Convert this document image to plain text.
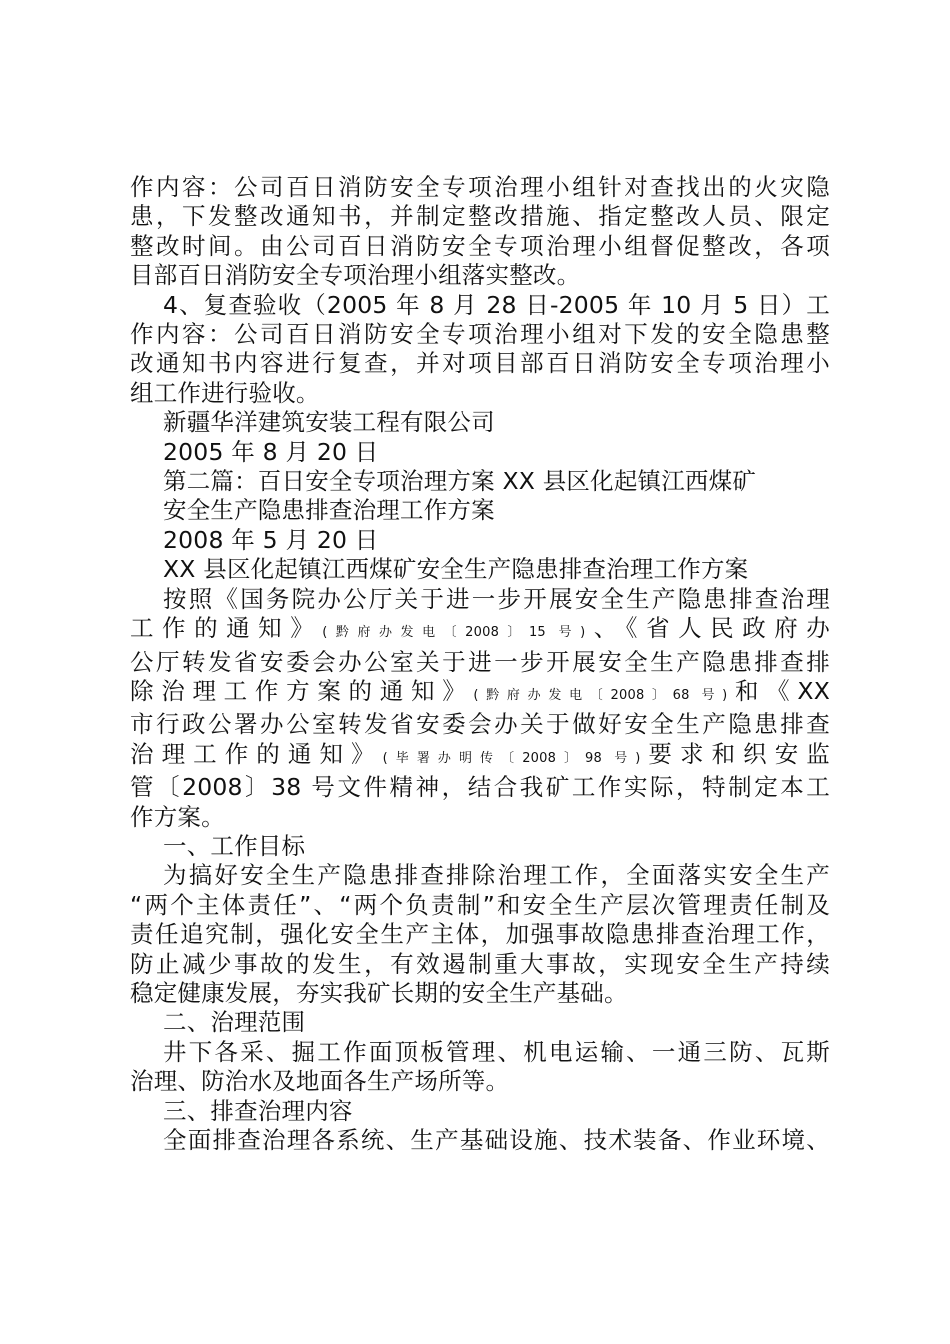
作内容：公司百日消防安全专项治理小组针对查找出的火灾隐

患，下发整改通知书，并制定整改措施、指定整改人员、限定

整改时间。由公司百日消防安全专项治理小组督促整改，各项

目部百日消防安全专项治理小组落实整改。

4、复查验收（2005 年 8 月 28 日-2005 年 10 月 5 日）工

作内容：公司百日消防安全专项治理小组对下发的安全隐患整

改通知书内容进行复查，并对项目部百日消防安全专项治理小

组工作进行验收。

新疆华洋建筑安装工程有限公司

2005 年 8 月 20 日

第二篇：百日安全专项治理方案 XX 县区化起镇江西煤矿

安全生产隐患排查治理工作方案

2008 年 5 月 20 日

XX 县区化起镇江西煤矿安全生产隐患排查治理工作方案

按照《国务院办公厅关于进一步开展安全生产隐患排查治理

工作的通知》(黔府办发电〔2008〕15 号)、《省人民政府办

公厅转发省安委会办公室关于进一步开展安全生产隐患排查排

除治理工作方案的通知》(黔府办发电〔2008〕68 号)和《XX

市行政公署办公室转发省安委会办关于做好安全生产隐患排查

治理工作的通知》(毕署办明传〔2008〕98 号)要求和织安监

管〔2008〕38 号文件精神，结合我矿工作实际，特制定本工

作方案。

一、工作目标

为搞好安全生产隐患排查排除治理工作，全面落实安全生产

“两个主体责任”、“两个负责制”和安全生产层次管理责任制及

责任追究制，强化安全生产主体，加强事故隐患排查治理工作，

防止减少事故的发生，有效遏制重大事故，实现安全生产持续

稳定健康发展，夯实我矿长期的安全生产基础。

二、治理范围

井下各采、掘工作面顶板管理、机电运输、一通三防、瓦斯

治理、防治水及地面各生产场所等。

三、排查治理内容

全面排查治理各系统、生产基础设施、技术装备、作业环境、
